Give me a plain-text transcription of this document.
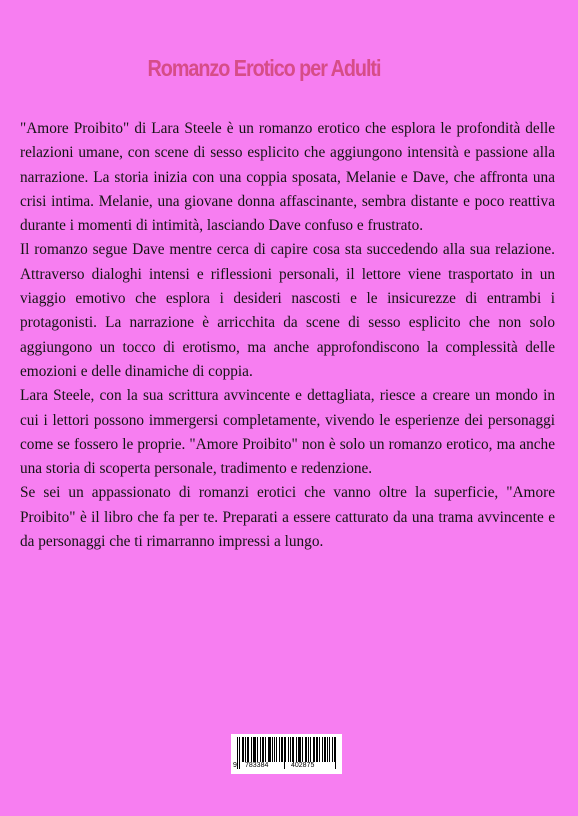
Romanzo Erotico per Adulti

"Amore Proibito" di Lara Steele è un romanzo erotico che esplora le profondità delle relazioni umane, con scene di sesso esplicito che aggiungono intensità e passione alla narrazione. La storia inizia con una coppia sposata, Melanie e Dave, che affronta una crisi intima. Melanie, una giovane donna affascinante, sembra distante e poco reattiva durante i momenti di intimità, lasciando Dave confuso e frustrato.

Il romanzo segue Dave mentre cerca di capire cosa sta succedendo alla sua relazione. Attraverso dialoghi intensi e riflessioni personali, il lettore viene trasportato in un viaggio emotivo che esplora i desideri nascosti e le insicurezze di entrambi i protagonisti. La narrazione è arricchita da scene di sesso esplicito che non solo aggiungono un tocco di erotismo, ma anche approfondiscono la complessità delle emozioni e delle dinamiche di coppia.

Lara Steele, con la sua scrittura avvincente e dettagliata, riesce a creare un mondo in cui i lettori possono immergersi completamente, vivendo le esperienze dei personaggi come se fossero le proprie. "Amore Proibito" non è solo un romanzo erotico, ma anche una storia di scoperta personale, tradimento e redenzione.

Se sei un appassionato di romanzi erotici che vanno oltre la superficie, "Amore Proibito" è il libro che fa per te. Preparati a essere catturato da una trama avvincente e da personaggi che ti rimarranno impressi a lungo.

9 783384	402875
